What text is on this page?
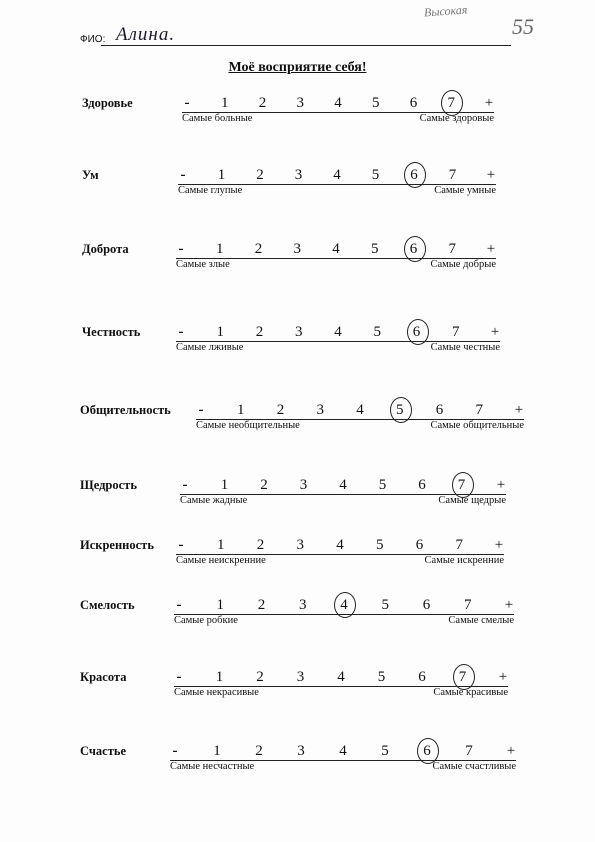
ФИО: Алина.
Высокая
55
Моё восприятие себя!
Здоровье	-	1 2 3 4 5 6 7 +
Самые больные	Самые здоровые
Ум	-	1 2 3 4 5 6 7 +
Самые глупые	Самые умные
Доброта	-	1 2 3 4 5 6 7 +
Самые злые	Самые добрые
Честность	-	1 2 3 4 5 6 7 +
Самые лживые	Самые честные
Общительность	-	1 2 3 4 5 6 7 +
Самые необщительные	Самые общительные
Щедрость	-	1 2 3 4 5 6 7 +
Самые жадные	Самые щедрые
Искренность	-	1 2 3 4 5 6 7 +
Самые неискренние	Самые искренние
Смелость	-	1 2 3 4 5 6 7 +
Самые робкие	Самые смелые
Красота	-	1 2 3 4 5 6 7 +
Самые некрасивые	Самые красивые
Счастье	-	1 2 3 4 5 6 7 +
Самые несчастные	Самые счастливые
